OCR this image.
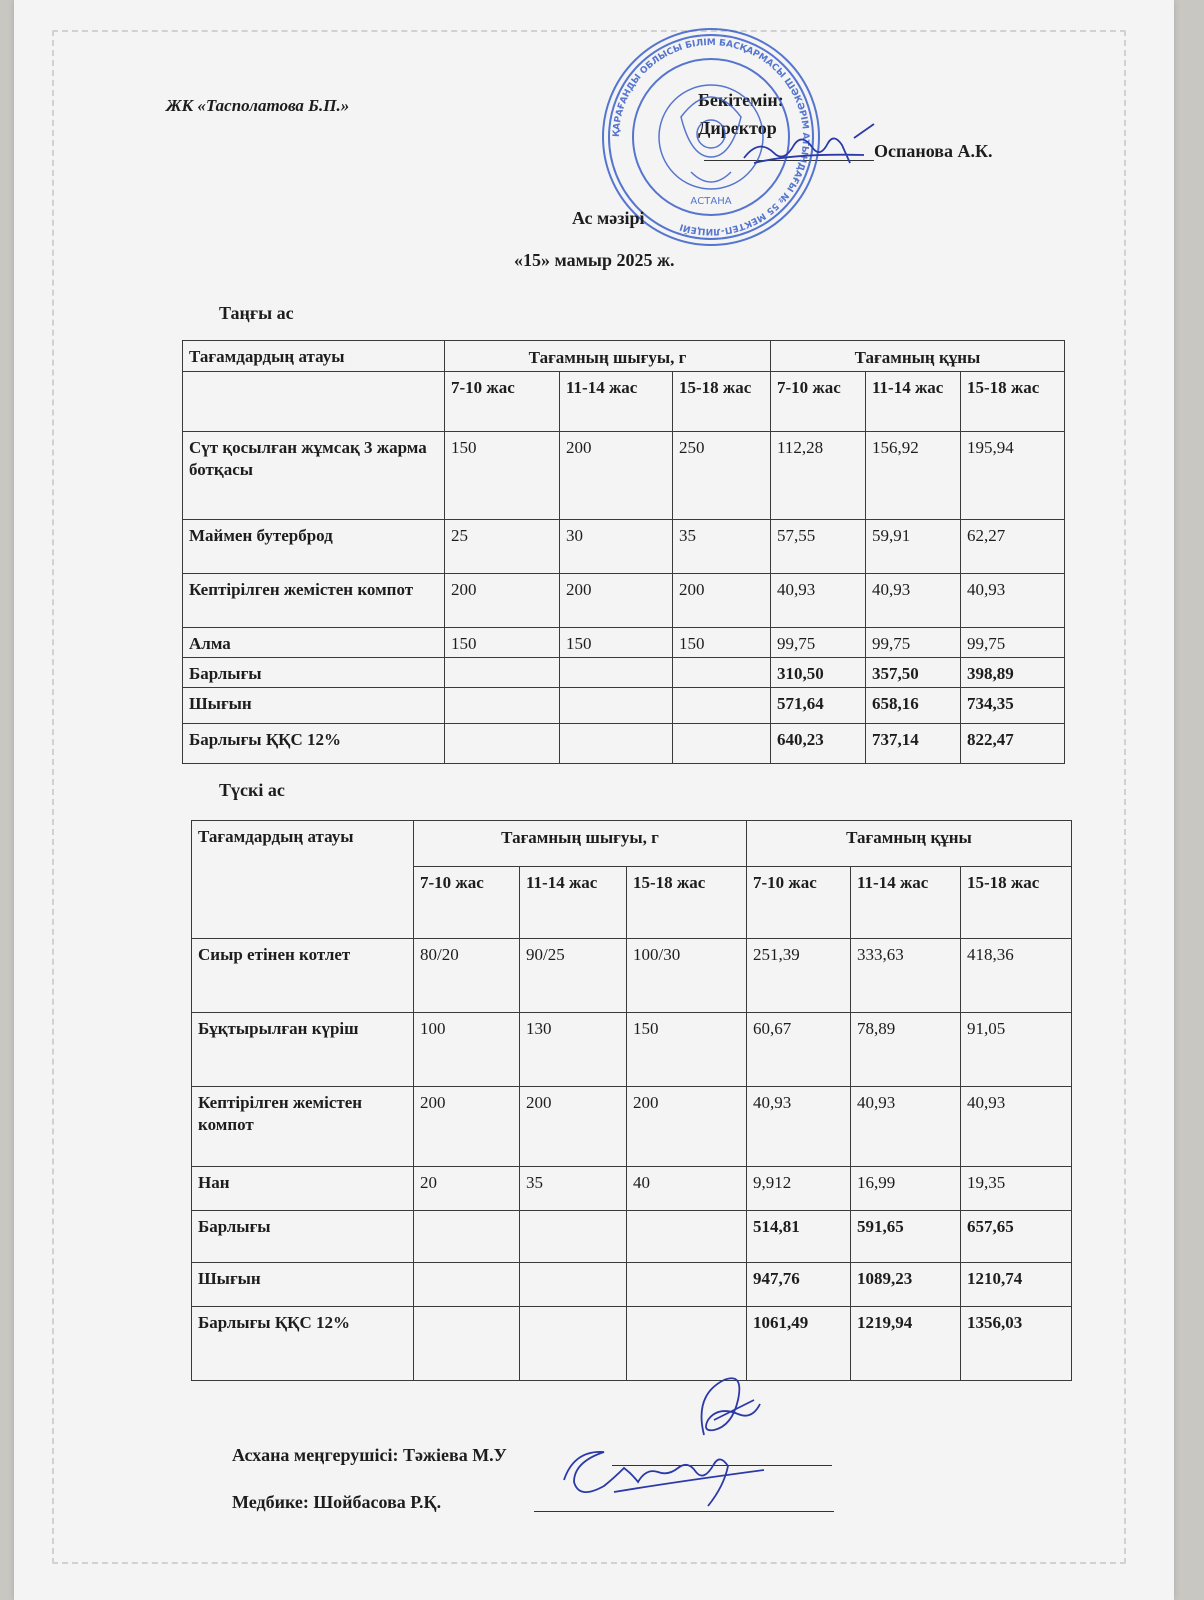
ЖК «Тасполатова Б.П.»	Бекітемін:
Директор
Оспанова А.К.
ҚАРАҒАНДЫ ОБЛЫСЫ БІЛІМ БАСҚАРМАСЫ ШӘКӘРІМ АТЫНДАҒЫ № 55 МЕКТЕП-ЛИЦЕЙІ
АСТАНА
Ас мәзірі
«15» мамыр 2025 ж.
Таңғы ас
Тағамдардың атауы	Тағамның шығуы, г			Тағамның құны		
	7-10 жас	11-14 жас	15-18 жас	7-10 жас	11-14 жас	15-18 жас
Сүт қосылған жұмсақ 3 жарма ботқасы	150	200	250	112,28	156,92	195,94
Маймен бутерброд	25	30	35	57,55	59,91	62,27
Кептірілген жемістен компот	200	200	200	40,93	40,93	40,93
Алма	150	150	150	99,75	99,75	99,75
Барлығы				310,50	357,50	398,89
Шығын				571,64	658,16	734,35
Барлығы ҚҚС 12%				640,23	737,14	822,47
Түскі ас
Тағамдардың атауы	Тағамның шығуы, г			Тағамның құны		
	7-10 жас	11-14 жас	15-18 жас	7-10 жас	11-14 жас	15-18 жас
Сиыр етінен котлет	80/20	90/25	100/30	251,39	333,63	418,36
Бұқтырылған күріш	100	130	150	60,67	78,89	91,05
Кептірілген жемістен компот	200	200	200	40,93	40,93	40,93
Нан	20	35	40	9,912	16,99	19,35
Барлығы				514,81	591,65	657,65
Шығын				947,76	1089,23	1210,74
Барлығы ҚҚС 12%				1061,49	1219,94	1356,03
Асхана меңгерушісі: Тәжіева М.У
Медбике: Шойбасова Р.Қ.
